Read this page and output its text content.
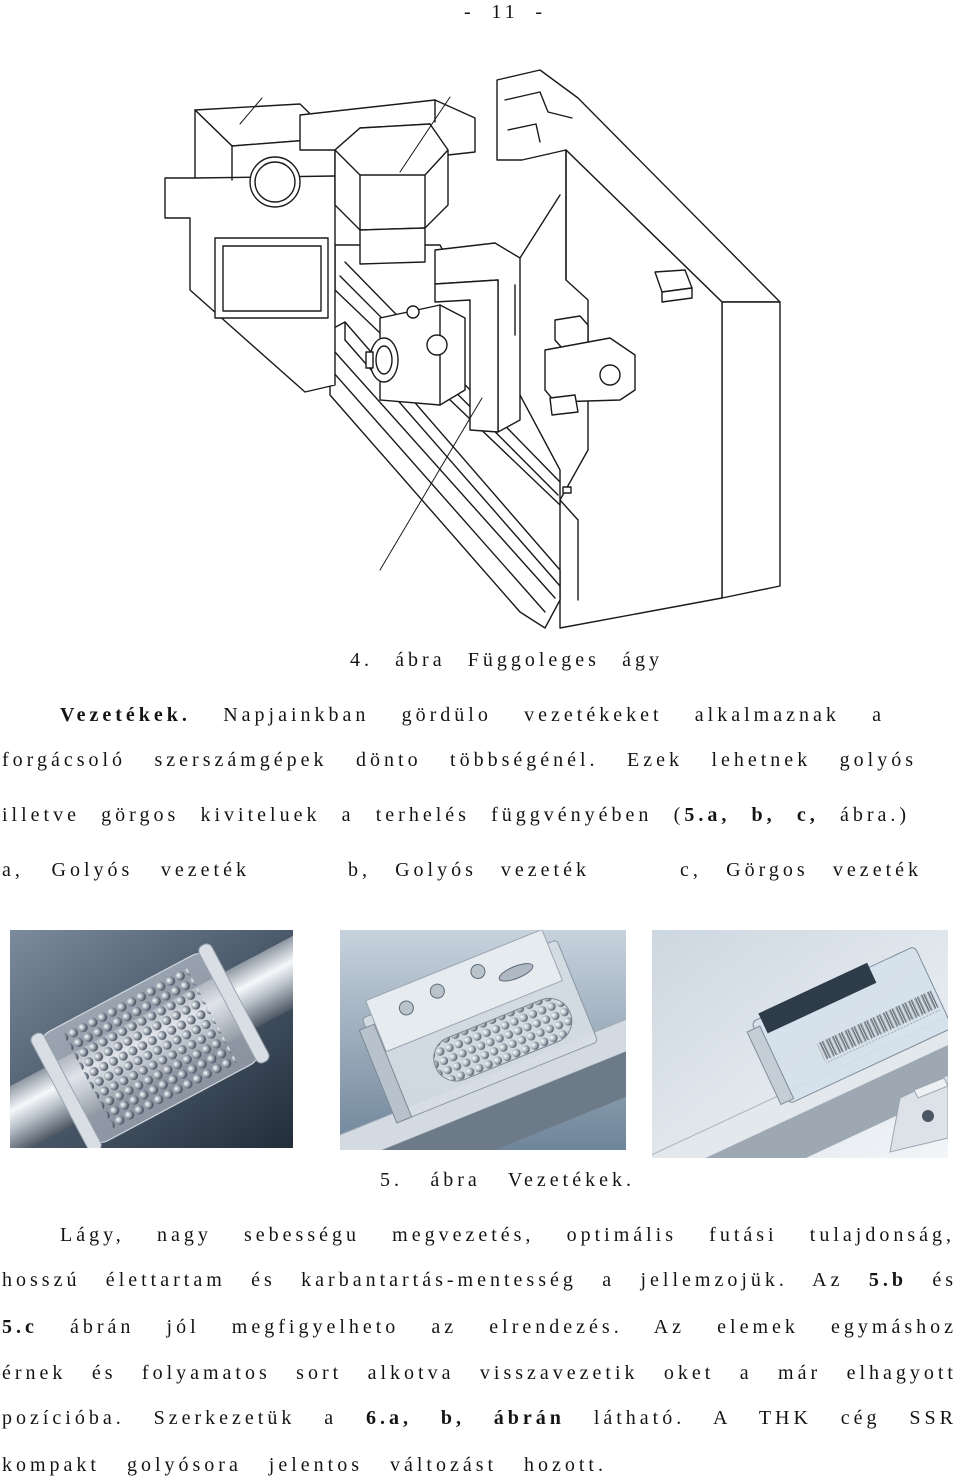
- 11 -
4. ábra Függoleges ágy
Vezetékek. Napjainkban gördülo vezetékeket alkalmaznak a
forgácsoló szerszámgépek dönto többségénél. Ezek lehetnek golyós
illetve görgos kiviteluek a terhelés függvényében (5.a, b, c, ábra.)
a, Golyós vezeték	b, Golyós vezeték	c, Görgos vezeték
5. ábra Vezetékek.
Lágy, nagy sebességu megvezetés, optimális futási tulajdonság,
hosszú élettartam és karbantartás-mentesség a jellemzojük. Az 5.b és
5.c ábrán jól megfigyelheto az elrendezés. Az elemek egymáshoz
érnek és folyamatos sort alkotva visszavezetik oket a már elhagyott
pozícióba. Szerkezetük a 6.a, b, ábrán látható. A THK cég SSR
kompakt golyósora jelentos változást hozott.
